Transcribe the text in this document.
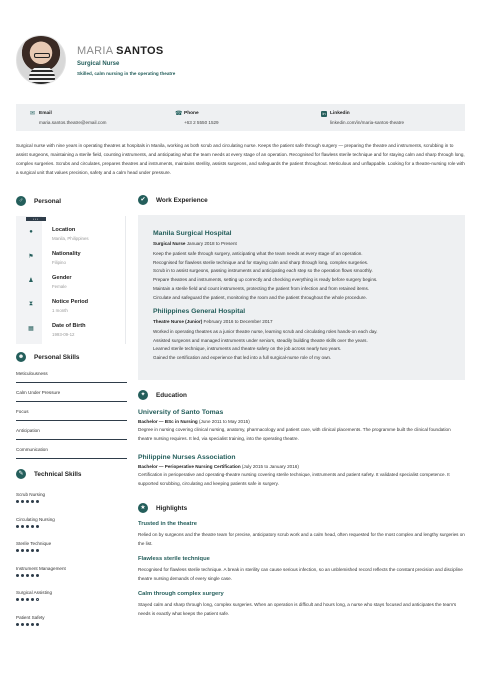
MARIA SANTOS
Surgical Nurse
Skilled, calm nursing in the operating theatre
✉ Email
maria.santos.theatre@email.com
☎ Phone
+63 2 5550 1529
in Linkedin
linkedin.com/in/maria-santos-theatre
Surgical nurse with nine years in operating theatres at hospitals in Manila, working as both scrub and circulating nurse. Keeps the patient safe through surgery — preparing the theatre and instruments, scrubbing in to assist surgeons, maintaining a sterile field, counting instruments, and anticipating what the team needs at every stage of an operation. Recognised for flawless sterile technique and for staying calm and sharp through long, complex surgeries. Scrubs and circulates, prepares theatres and instruments, maintains sterility, assists surgeons, and safeguards the patient throughout. Meticulous and unflappable. Looking for a theatre-nursing role with a surgical unit that values precision, safety and a calm head under pressure.
♂	Personal
•••
●	Location
Manila, Philippines
⚑	Nationality
Filipino
♟	Gender
Female
⧗	Notice Period
1 month
▦	Date of Birth
1993-09-12
☻ Personal Skills
Meticulousness
Calm Under Pressure
Focus
Anticipation
Communication
✎	Technical Skills
Scrub Nursing
Circulating Nursing
Sterile Technique
Instrument Management
Surgical Assisting
Patient Safety
✔	Work Experience
Manila Surgical Hospital
Surgical Nurse January 2018 to Present
Keep the patient safe through surgery, anticipating what the team needs at every stage of an operation.
Recognised for flawless sterile technique and for staying calm and sharp through long, complex surgeries.
Scrub in to assist surgeons, passing instruments and anticipating each step so the operation flows smoothly.
Prepare theatres and instruments, setting up correctly and checking everything is ready before surgery begins.
Maintain a sterile field and count instruments, protecting the patient from infection and from retained items.
Circulate and safeguard the patient, monitoring the room and the patient throughout the whole procedure.
Philippines General Hospital
Theatre Nurse (Junior) February 2016 to December 2017
Worked in operating theatres as a junior theatre nurse, learning scrub and circulating roles hands-on each day.
Assisted surgeons and managed instruments under seniors, steadily building theatre skills over the years.
Learned sterile technique, instruments and theatre safety on the job across nearly two years.
Gained the certification and experience that led into a full surgical-nurse role of my own.
✦	Education
University of Santo Tomas
Bachelor — BSc in Nursing (June 2011 to May 2015)
Degree in nursing covering clinical nursing, anatomy, pharmacology and patient care, with clinical placements. The programme built the clinical foundation theatre nursing requires. It led, via specialist training, into the operating theatre.
Philippine Nurses Association
Bachelor — Perioperative Nursing Certification (July 2015 to January 2016)
Certification in perioperative and operating-theatre nursing covering sterile technique, instruments and patient safety. It validated specialist competence. It supported scrubbing, circulating and keeping patients safe in surgery.
★	Highlights
Trusted in the theatre
Relied on by surgeons and the theatre team for precise, anticipatory scrub work and a calm head, often requested for the most complex and lengthy surgeries on the list.
Flawless sterile technique
Recognised for flawless sterile technique. A break in sterility can cause serious infection, so an unblemished record reflects the constant precision and discipline theatre nursing demands of every single case.
Calm through complex surgery
Stayed calm and sharp through long, complex surgeries. When an operation is difficult and hours long, a nurse who stays focused and anticipates the team's needs is exactly what keeps the patient safe.
